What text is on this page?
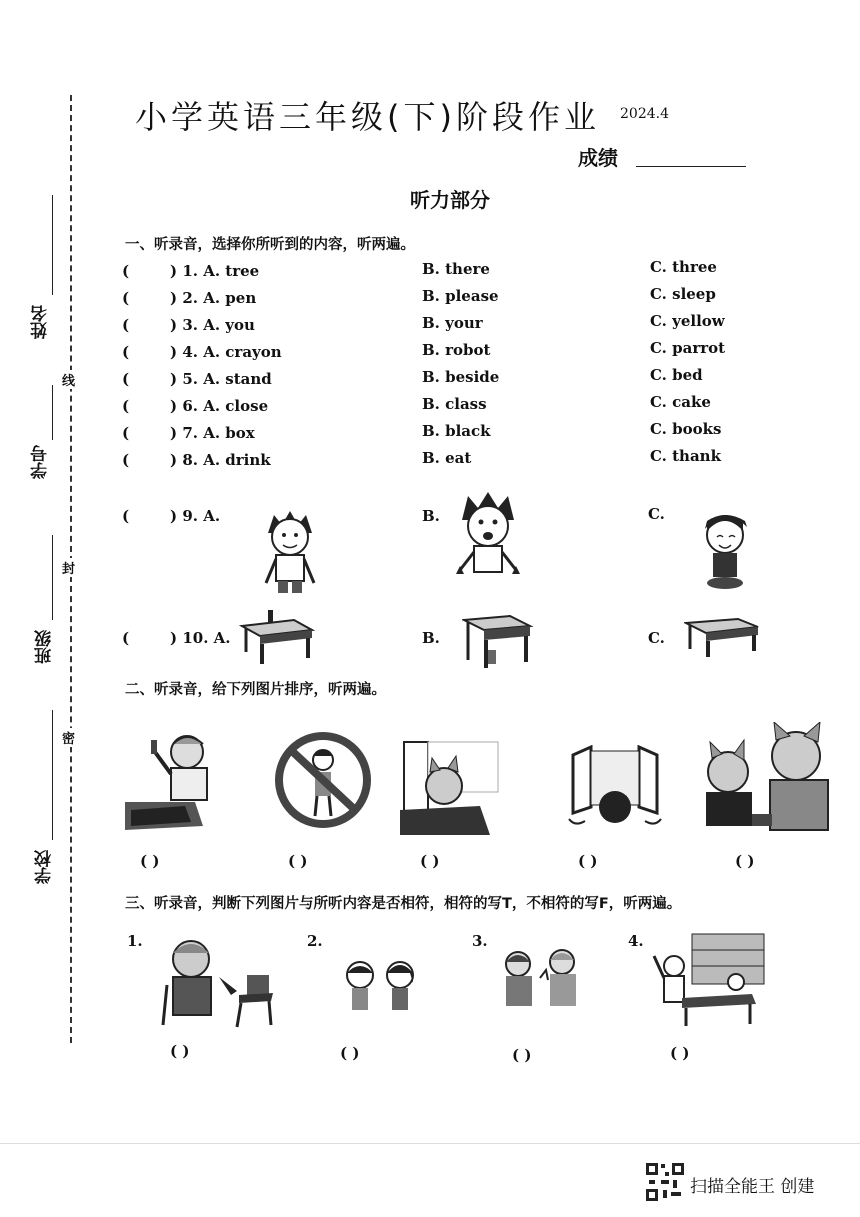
姓名
学号
班级
学校
线
封
密
小学英语三年级(下)阶段作业 2024.4
成绩
听力部分
一、听录音，选择你所听到的内容，听两遍。
(	) 1. A. tree	B. there	C. three
(	) 2. A. pen	B. please	C. sleep
(	) 3. A. you	B. your	C. yellow
(	) 4. A. crayon	B. robot	C. parrot
(	) 5. A. stand	B. beside	C. bed
(	) 6. A. close	B. class	C. cake
(	) 7. A. box	B. black	C. books
(	) 8. A. drink	B. eat	C. thank
(	) 9. A.	B.	C.
(	) 10. A.	B.	C.
二、听录音，给下列图片排序，听两遍。
( )	( )	( )	( )	( )
三、听录音，判断下列图片与所听内容是否相符，相符的写T，不相符的写F，听两遍。
1.	2.	3.	4.
( )	( )	( )	( )
扫描全能王 创建
